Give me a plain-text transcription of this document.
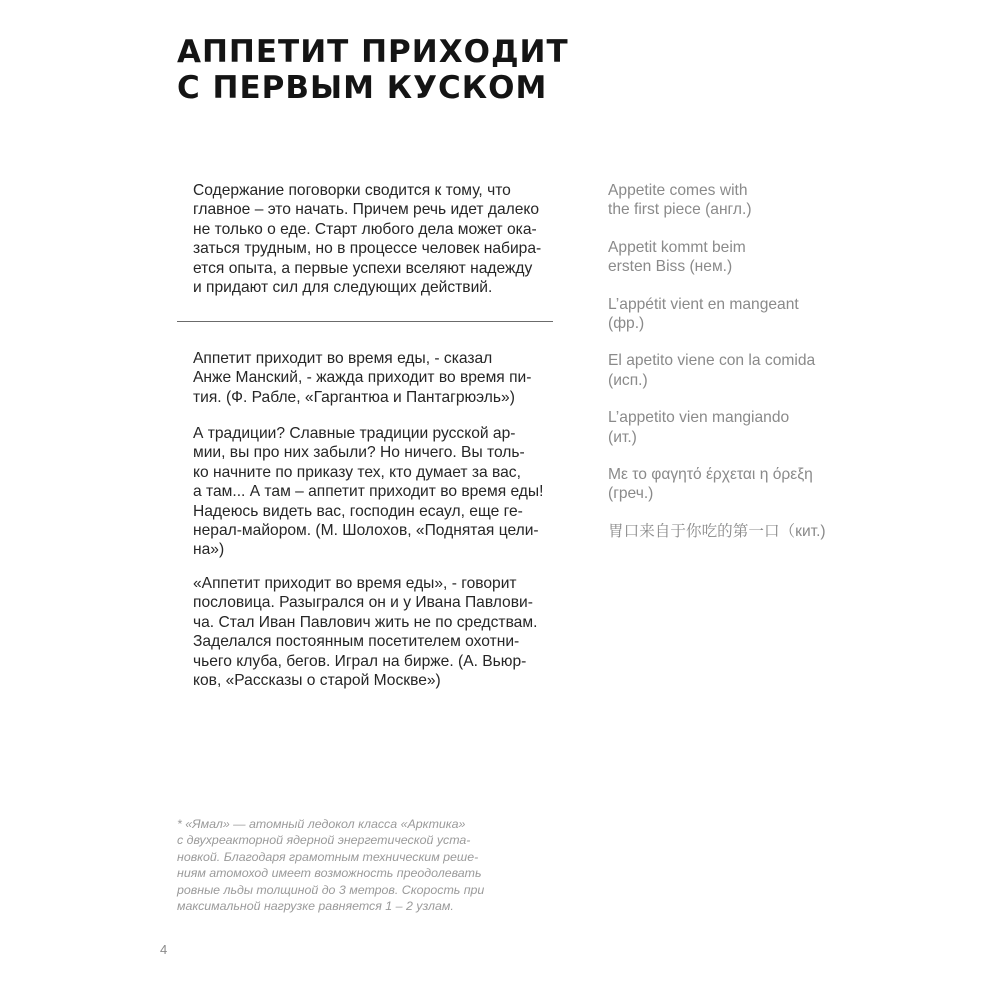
АППЕТИТ ПРИХОДИТ
С ПЕРВЫМ КУСКОМ

Содержание поговорки сводится к тому, что
главное – это начать. Причем речь идет далеко
не только о еде. Старт любого дела может ока-
заться трудным, но в процессе человек набира-
ется опыта, а первые успехи вселяют надежду
и придают сил для следующих действий.

Аппетит приходит во время еды, - сказал
Анже Манский, - жажда приходит во время пи-
тия. (Ф. Рабле, «Гаргантюа и Пантагрюэль»)

А традиции? Славные традиции русской ар-
мии, вы про них забыли? Но ничего. Вы толь-
ко начните по приказу тех, кто думает за вас,
а там... А там – аппетит приходит во время еды!
Надеюсь видеть вас, господин есаул, еще ге-
нерал-майором. (М. Шолохов, «Поднятая цели-
на»)

«Аппетит приходит во время еды», - говорит
пословица. Разыгрался он и у Ивана Павлови-
ча. Стал Иван Павлович жить не по средствам.
Заделался постоянным посетителем охотни-
чьего клуба, бегов. Играл на бирже. (А. Вьюр-
ков, «Рассказы о старой Москве»)

Appetite comes with
the first piece (англ.)

Appetit kommt beim
ersten Biss (нем.)

L’appétit vient en mangeant
(фр.)

El apetito viene con la comida
(исп.)

L’appetito vien mangiando
(ит.)

Με το φαγητό έρχεται η όρεξη
(греч.)

胃口来自于你吃的第一口（кит.)

* «Ямал» — атомный ледокол класса «Арктика»
с двухреакторной ядерной энергетической уста-
новкой. Благодаря грамотным техническим реше-
ниям атомоход имеет возможность преодолевать
ровные льды толщиной до 3 метров. Скорость при
максимальной нагрузке равняется 1 – 2 узлам.

4
